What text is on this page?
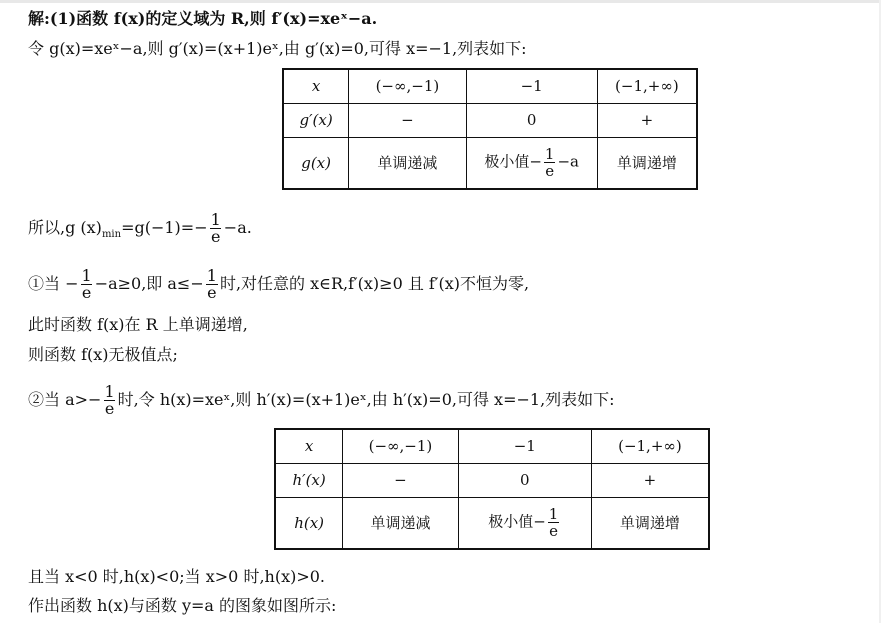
解:(1)函数 f(x)的定义域为 R,则 f′(x)=xeˣ−a.
令 g(x)=xeˣ−a,则 g′(x)=(x+1)eˣ,由 g′(x)=0,可得 x=−1,列表如下:
x	(−∞,−1)	−1	(−1,+∞)
g′(x)	−	0	+
g(x)	单调递减	极小值− $\frac{1}{e} -a$	单调递增
所以,g $(x)_{min}=g(-1)=- \frac{1}{e} -a$.
①当 − $\frac{1}{e} -a\ge 0$,即 $a\le- \frac{1}{e}$ 时,对任意的 x∈R,f′(x)≥0 且 f′(x)不恒为零,
此时函数 f(x)在 R 上单调递增,
则函数 f(x)无极值点;
②当 $a>- \frac{1}{e}$ 时,令 h(x)=xeˣ,则 h′(x)=(x+1)eˣ,由 h′(x)=0,可得 x=−1,列表如下:
x	(−∞,−1)	−1	(−1,+∞)
h′(x)	−	0	+
h(x)	单调递减	极小值− $\frac{1}{e}$	单调递增
且当 x<0 时,h(x)<0;当 x>0 时,h(x)>0.
作出函数 h(x)与函数 y=a 的图象如图所示:
